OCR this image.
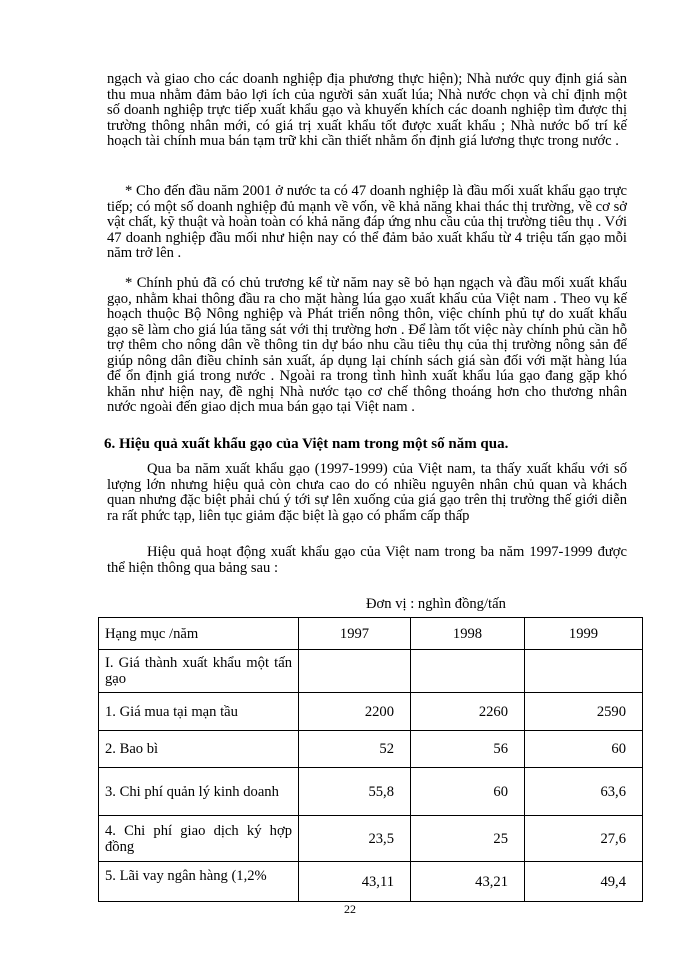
ngạch và giao cho các doanh nghiệp địa phương thực hiện); Nhà nước quy định giá sàn thu mua nhằm đảm bảo lợi ích của người sản xuất lúa; Nhà nước chọn và chỉ định một số doanh nghiệp trực tiếp xuất khẩu gạo và khuyến khích các doanh nghiệp tìm được thị trường thông nhân mới, có giá trị xuất khẩu tốt được xuất khẩu ; Nhà nước bố trí kế hoạch tài chính mua bán tạm trữ khi cần thiết nhằm ổn định giá lương thực trong nước .

* Cho đến đầu năm 2001 ở nước ta có 47 doanh nghiệp là đầu mối xuất khẩu gạo trực tiếp; có một số doanh nghiệp đủ mạnh về vốn, về khả năng khai thác thị trường, về cơ sở vật chất, kỹ thuật và hoàn toàn có khả năng đáp ứng nhu cầu của thị trường tiêu thụ . Với 47 doanh nghiệp đầu mối như hiện nay có thể đảm bảo xuất khẩu từ 4 triệu tấn gạo mỗi năm trở lên .

* Chính phủ đã có chủ trương kể từ năm nay sẽ bỏ hạn ngạch và đầu mối xuất khẩu gạo, nhằm khai thông đầu ra cho mặt hàng lúa gạo xuất khẩu của Việt nam . Theo vụ kế hoạch thuộc Bộ Nông nghiệp và Phát triển nông thôn, việc chính phủ tự do xuất khẩu gạo sẽ làm cho giá lúa tăng sát với thị trường hơn . Để làm tốt việc này chính phủ cần hỗ trợ thêm cho nông dân về thông tin dự báo nhu cầu tiêu thụ của thị trường nông sản để giúp nông dân điều chỉnh sản xuất, áp dụng lại chính sách giá sàn đối với mặt hàng lúa để ổn định giá trong nước . Ngoài ra trong tình hình xuất khẩu lúa gạo đang gặp khó khăn như hiện nay, đề nghị Nhà nước tạo cơ chế thông thoáng hơn cho thương nhân nước ngoài đến giao dịch mua bán gạo tại Việt nam .

6. Hiệu quả xuất khẩu gạo của Việt nam trong một số năm qua.

Qua ba năm xuất khẩu gạo (1997-1999) của Việt nam, ta thấy xuất khẩu với số lượng lớn nhưng hiệu quả còn chưa cao do có nhiều nguyên nhân chủ quan và khách quan nhưng đặc biệt phải chú ý tới sự lên xuống của giá gạo trên thị trường thế giới diễn ra rất phức tạp, liên tục giảm đặc biệt là gạo có phẩm cấp thấp

Hiệu quả hoạt động xuất khẩu gạo của Việt nam trong ba năm 1997-1999 được thể hiện thông qua bảng sau :

Đơn vị : nghìn đồng/tấn
Hạng mục /năm	1997	1998	1999
I. Giá thành xuất khẩu một tấn gạo			
1. Giá mua tại mạn tầu	2200	2260	2590
2. Bao bì	52	56	60
3. Chi phí quản lý kinh doanh	55,8	60	63,6
4. Chi phí giao dịch ký hợp đồng	23,5	25	27,6
5. Lãi vay ngân hàng (1,2%	43,11	43,21	49,4
22
